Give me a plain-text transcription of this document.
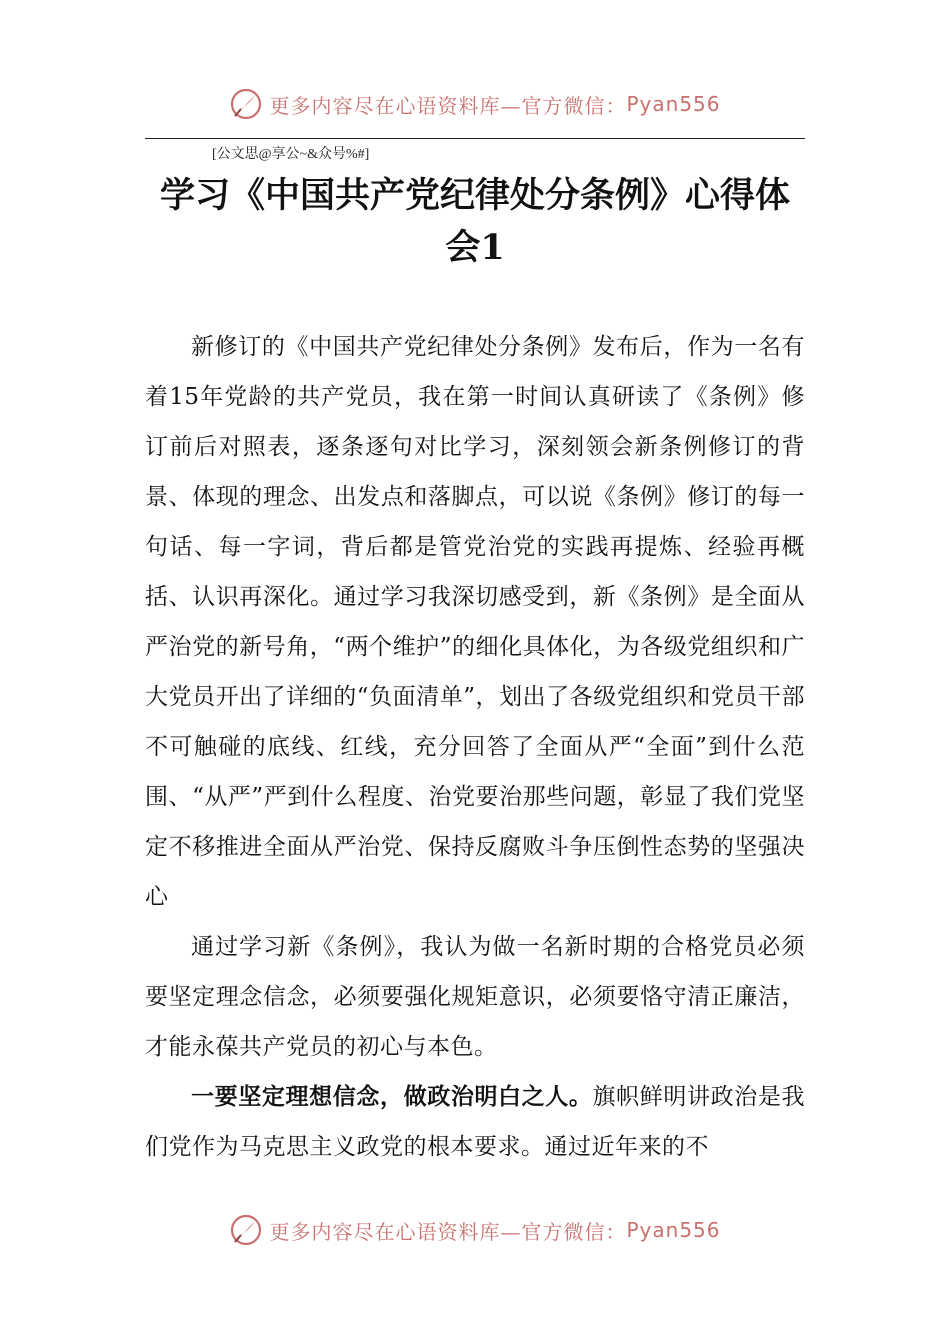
更多内容尽在心语资料库—官方微信： Pyan556
[公文思@享公~&众号%#]
学习《中国共产党纪律处分条例》心得体会1

新修订的《中国共产党纪律处分条例》发布后，作为一名有着15年党龄的共产党员，我在第一时间认真研读了《条例》修订前后对照表，逐条逐句对比学习，深刻领会新条例修订的背景、体现的理念、出发点和落脚点，可以说《条例》修订的每一句话、每一字词，背后都是管党治党的实践再提炼、经验再概括、认识再深化。通过学习我深切感受到，新《条例》是全面从严治党的新号角，“两个维护”的细化具体化，为各级党组织和广大党员开出了详细的“负面清单”，划出了各级党组织和党员干部不可触碰的底线、红线，充分回答了全面从严“全面”到什么范围、“从严”严到什么程度、治党要治那些问题，彰显了我们党坚定不移推进全面从严治党、保持反腐败斗争压倒性态势的坚强决心

通过学习新《条例》，我认为做一名新时期的合格党员必须要坚定理念信念，必须要强化规矩意识，必须要恪守清正廉洁，才能永葆共产党员的初心与本色。

一要坚定理想信念，做政治明白之人。旗帜鲜明讲政治是我们党作为马克思主义政党的根本要求。通过近年来的不

更多内容尽在心语资料库—官方微信： Pyan556
